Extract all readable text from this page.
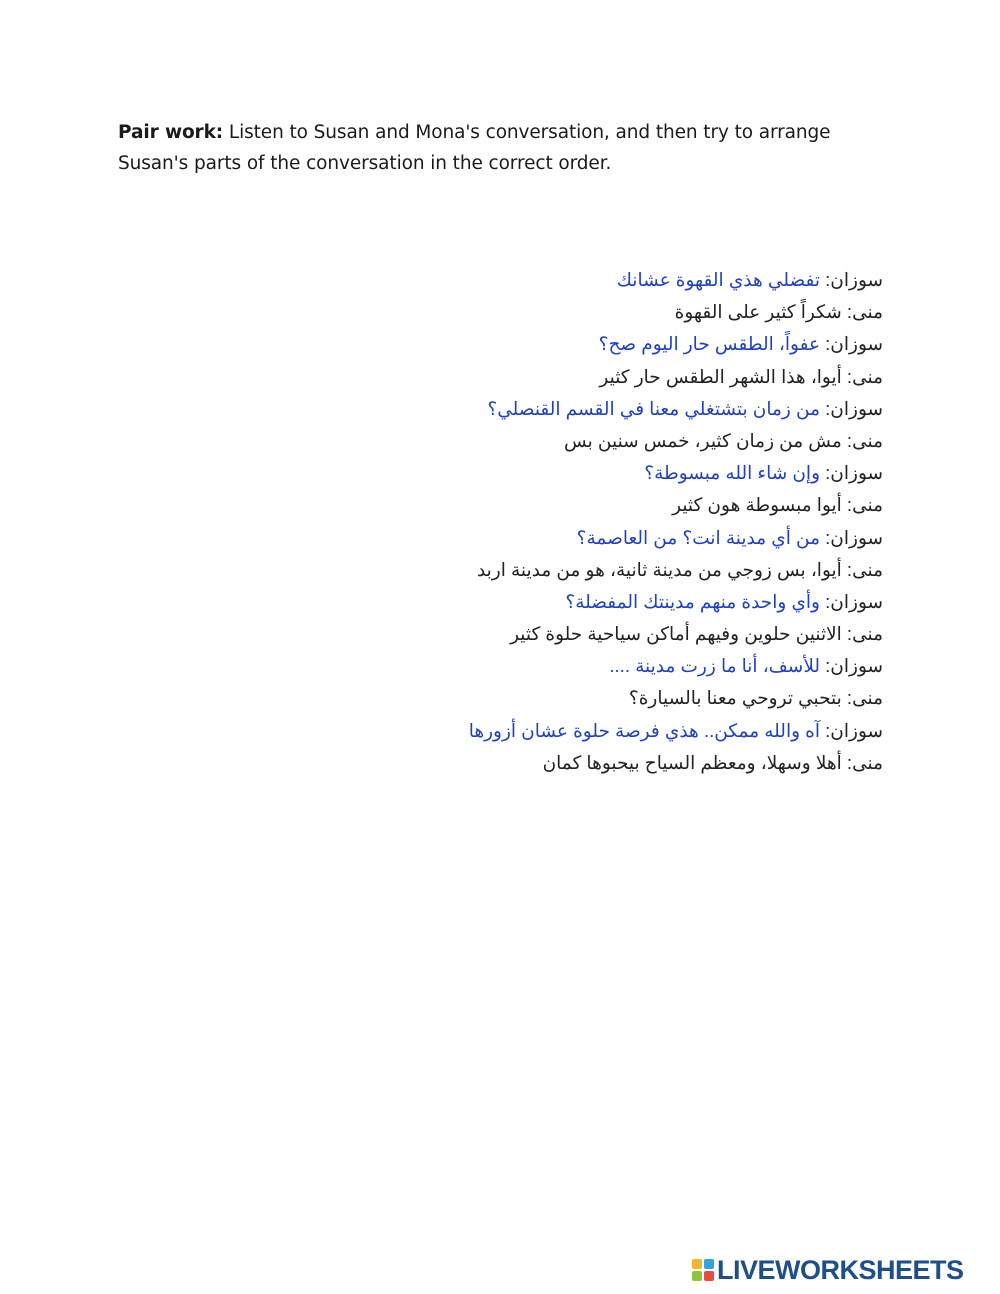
Pair work: Listen to Susan and Mona's conversation, and then try to arrange Susan's parts of the conversation in the correct order.
سوزان: تفضلي هذي القهوة عشانك
منى: شكراً كثير على القهوة
سوزان: عفواً، الطقس حار اليوم صح؟
منى: أيوا، هذا الشهر الطقس حار كثير
سوزان: من زمان بتشتغلي معنا في القسم القنصلي؟
منى: مش من زمان كثير، خمس سنين بس
سوزان: وإن شاء الله مبسوطة؟
منى: أيوا مبسوطة هون كثير
سوزان: من أي مدينة انت؟ من العاصمة؟
منى: أيوا، بس زوجي من مدينة ثانية، هو من مدينة اربد
سوزان: وأي واحدة منهم مدينتك المفضلة؟
منى: الاثنين حلوين وفيهم أماكن سياحية حلوة كثير
سوزان: للأسف، أنا ما زرت مدينة ....
منى: بتحبي تروحي معنا بالسيارة؟
سوزان: آه والله ممكن.. هذي فرصة حلوة عشان أزورها
منى: أهلا وسهلا، ومعظم السياح بيحبوها كمان
LIVEWORKSHEETS
